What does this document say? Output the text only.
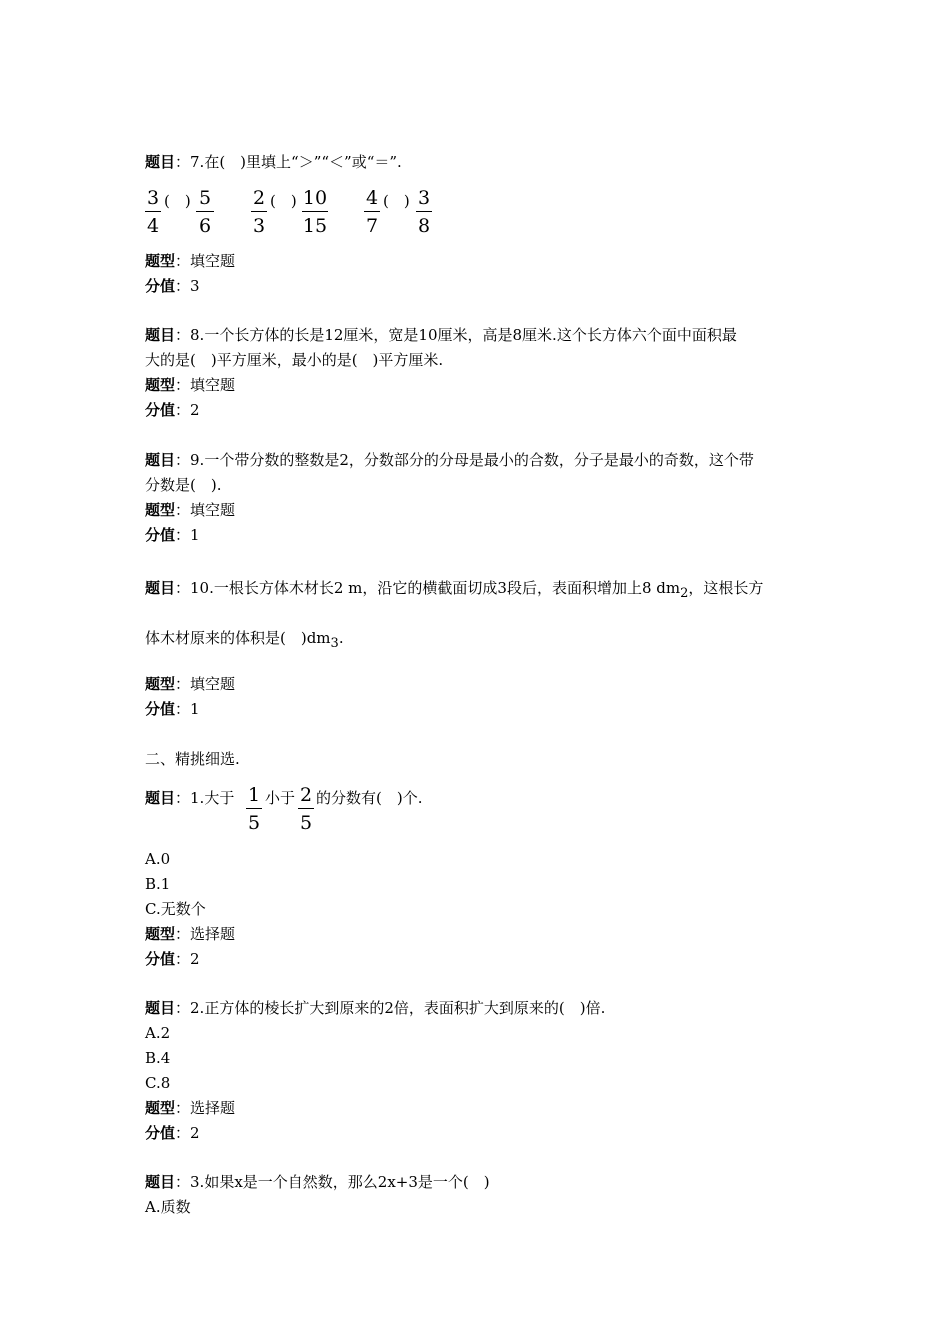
题目：7.在(　)里填上“＞”“＜”或“＝”.
3
4
(　) 5
6
2
3
(　) 10
15
4
7
(　) 3
8
题型：填空题
分值：3
题目：8.一个长方体的长是12厘米，宽是10厘米，高是8厘米.这个长方体六个面中面积最
大的是(　)平方厘米，最小的是(　)平方厘米.
题型：填空题
分值：2
题目：9.一个带分数的整数是2，分数部分的分母是最小的合数，分子是最小的奇数，这个带
分数是(　).
题型：填空题
分值：1
题目：10.一根长方体木材长2 m，沿它的横截面切成3段后，表面积增加上8 dm2，这根长方
体木材原来的体积是(　)dm3.
题型：填空题
分值：1
二、精挑细选.
题目：1.大于 1
5
小于 2
5
的分数有(　)个.
A.0
B.1
C.无数个
题型：选择题
分值：2
题目：2.正方体的棱长扩大到原来的2倍，表面积扩大到原来的(　)倍.
A.2
B.4
C.8
题型：选择题
分值：2
题目：3.如果x是一个自然数，那么2x+3是一个(　)
A.质数
